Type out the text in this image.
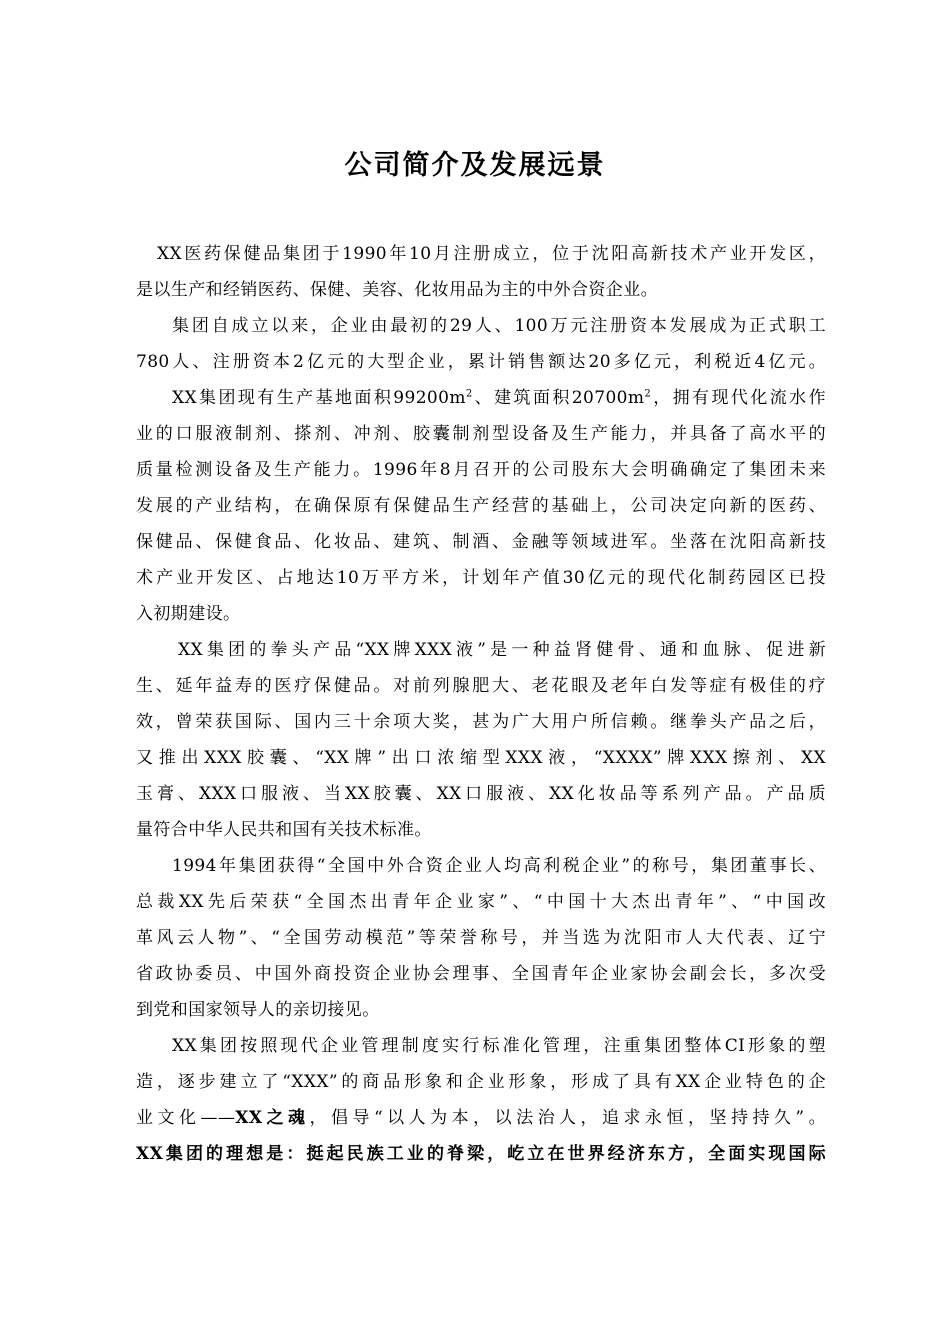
公司简介及发展远景
XX医药保健品集团于1990年10月注册成立，位于沈阳高新技术产业开发区，
是以生产和经销医药、保健、美容、化妆用品为主的中外合资企业。
集团自成立以来，企业由最初的29人、100万元注册资本发展成为正式职工
780人、注册资本2亿元的大型企业，累计销售额达20多亿元，利税近4亿元。
XX集团现有生产基地面积$99200m^2$、建筑面积$20700m^2$，拥有现代化流水作
业的口服液制剂、搽剂、冲剂、胶囊制剂型设备及生产能力，并具备了高水平的
质量检测设备及生产能力。1996年8月召开的公司股东大会明确确定了集团未来
发展的产业结构，在确保原有保健品生产经营的基础上，公司决定向新的医药、
保健品、保健食品、化妆品、建筑、制酒、金融等领域进军。坐落在沈阳高新技
术产业开发区、占地达10万平方米，计划年产值30亿元的现代化制药园区已投
入初期建设。
XX集团的拳头产品“XX牌XXX液”是一种益肾健骨、通和血脉、促进新
生、延年益寿的医疗保健品。对前列腺肥大、老花眼及老年白发等症有极佳的疗
效，曾荣获国际、国内三十余项大奖，甚为广大用户所信赖。继拳头产品之后，
又推出XXX胶囊、“XX牌”出口浓缩型XXX液，“XXXX”牌XXX擦剂、XX
玉膏、XXX口服液、当XX胶囊、XX口服液、XX化妆品等系列产品。产品质
量符合中华人民共和国有关技术标准。
1994年集团获得“全国中外合资企业人均高利税企业”的称号，集团董事长、
总裁XX先后荣获“全国杰出青年企业家”、“中国十大杰出青年”、“中国改
革风云人物”、“全国劳动模范”等荣誉称号，并当选为沈阳市人大代表、辽宁
省政协委员、中国外商投资企业协会理事、全国青年企业家协会副会长，多次受
到党和国家领导人的亲切接见。
XX集团按照现代企业管理制度实行标准化管理，注重集团整体CI形象的塑
造，逐步建立了“XXX”的商品形象和企业形象，形成了具有XX企业特色的企
业文化——XX之魂，倡导“以人为本，以法治人，追求永恒，坚持持久”。
XX集团的理想是：挺起民族工业的脊梁，屹立在世界经济东方，全面实现国际
